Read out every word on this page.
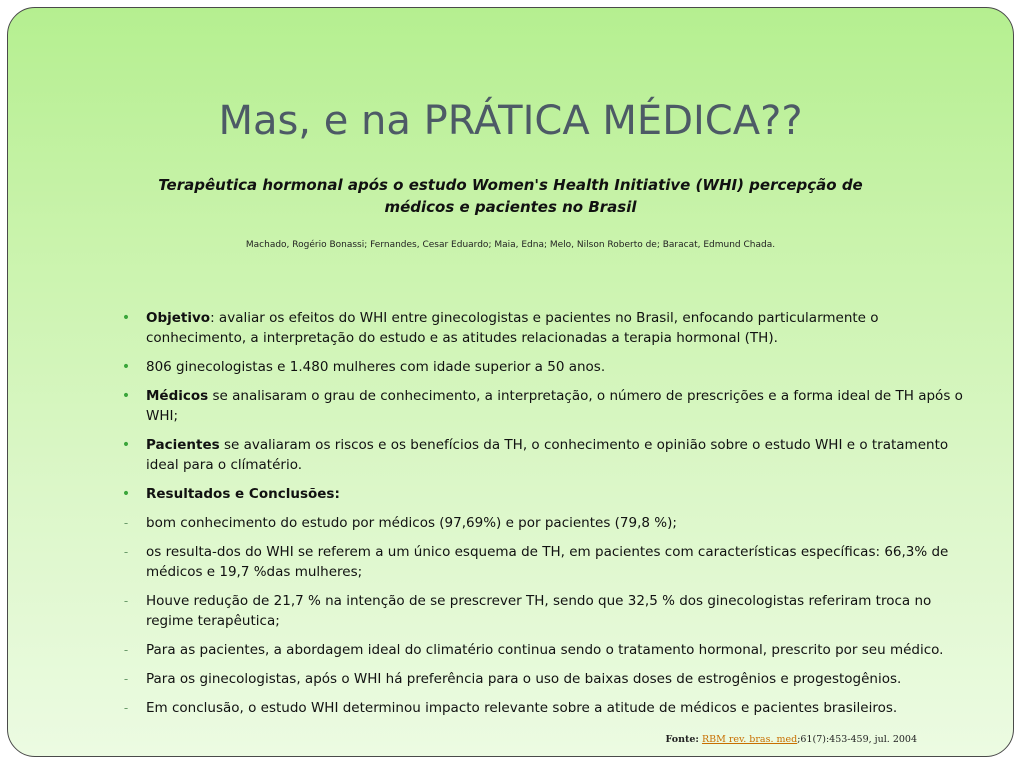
Mas, e na PRÁTICA MÉDICA??
Terapêutica hormonal após o estudo Women's Health Initiative (WHI) percepção de médicos e pacientes no Brasil
Machado, Rogério Bonassi; Fernandes, Cesar Eduardo; Maia, Edna; Melo, Nilson Roberto de; Baracat, Edmund Chada.
•	Objetivo: avaliar os efeitos do WHI entre ginecologistas e pacientes no Brasil, enfocando particularmente o conhecimento, a interpretação do estudo e as atitudes relacionadas a terapia hormonal (TH).
•	806 ginecologistas e 1.480 mulheres com idade superior a 50 anos.
•	Médicos se analisaram o grau de conhecimento, a interpretação, o número de prescrições e a forma ideal de TH após o WHI;
•	Pacientes se avaliaram os riscos e os benefícios da TH, o conhecimento e opinião sobre o estudo WHI e o tratamento ideal para o clímatério.
•	Resultados e Conclusões:
-	bom conhecimento do estudo por médicos (97,69%) e por pacientes (79,8 %);
-	os resulta-dos do WHI se referem a um único esquema de TH, em pacientes com características específicas: 66,3% de médicos e 19,7 %das mulheres;
-	Houve redução de 21,7 % na intenção de se prescrever TH, sendo que 32,5 % dos ginecologistas referiram troca no regime terapêutica;
-	Para as pacientes, a abordagem ideal do climatério continua sendo o tratamento hormonal, prescrito por seu médico.
-	Para os ginecologistas, após o WHI há preferência para o uso de baixas doses de estrogênios e progestogênios.
-	Em conclusão, o estudo WHI determinou impacto relevante sobre a atitude de médicos e pacientes brasileiros.
Fonte: RBM rev. bras. med;61(7):453-459, jul. 2004
